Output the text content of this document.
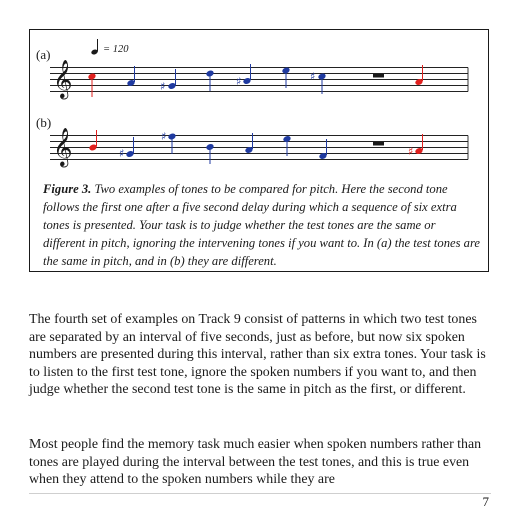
= 120
(a)
(b)
𝄞
𝄞
♯	♯	♯
♯
♯
♯
Figure 3. Two examples of tones to be compared for pitch. Here the second tone follows the first one after a five second delay during which a sequence of six extra tones is presented. Your task is to judge whether the test tones are the same or different in pitch, ignoring the intervening tones if you want to. In (a) the test tones are the same in pitch, and in (b) they are different.

The fourth set of examples on Track 9 consist of patterns in which two test tones are separated by an interval of five seconds, just as before, but now six spoken numbers are presented during this interval, rather than six extra tones. Your task is to listen to the first test tone, ignore the spoken numbers if you want to, and then judge whether the second test tone is the same in pitch as the first, or different.

Most people find the memory task much easier when spoken numbers rather than tones are played during the interval between the test tones, and this is true even when they attend to the spoken numbers while they are

7
